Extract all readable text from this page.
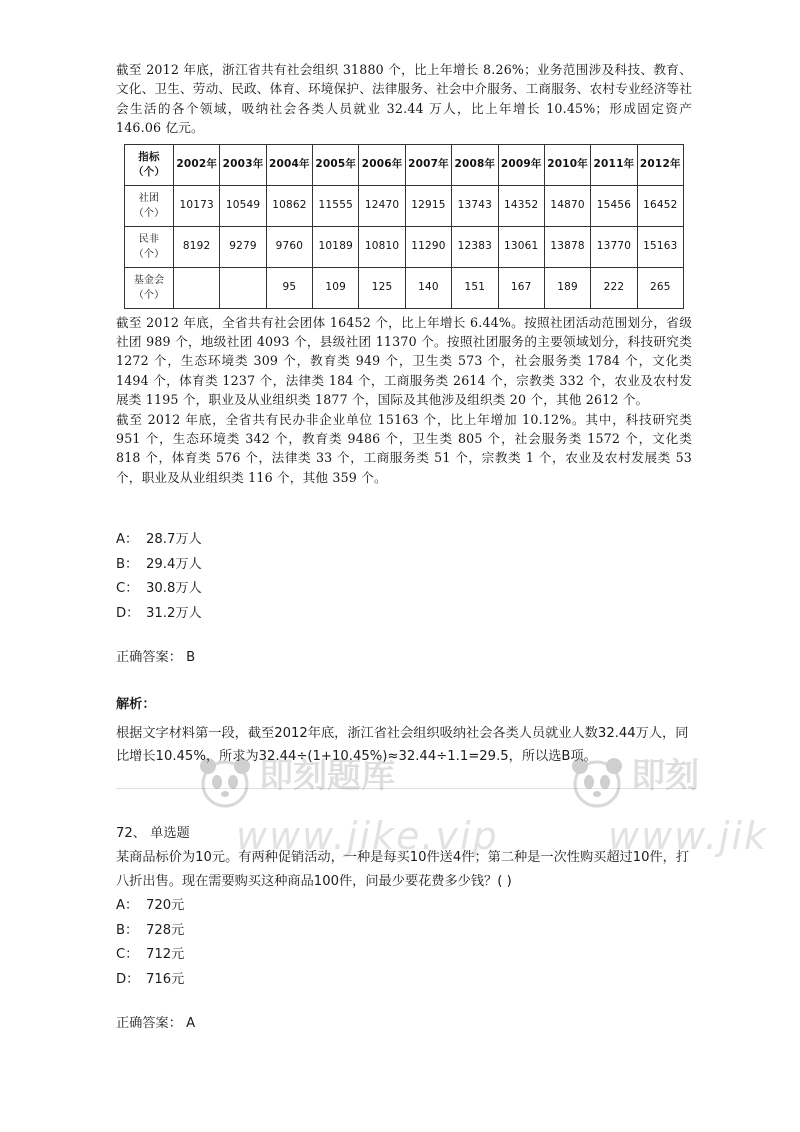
截至 2012 年底，浙江省共有社会组织 31880 个，比上年增长 8.26%；业务范围涉及科技、教育、文化、卫生、劳动、民政、体育、环境保护、法律服务、社会中介服务、工商服务、农村专业经济等社会生活的各个领域，吸纳社会各类人员就业 32.44 万人，比上年增长 10.45%；形成固定资产 146.06 亿元。

指标
（个）	2002年	2003年	2004年	2005年	2006年	2007年	2008年	2009年	2010年	2011年	2012年
社团
（个）	10173	10549	10862	11555	12470	12915	13743	14352	14870	15456	16452
民非
（个）	8192	9279	9760	10189	10810	11290	12383	13061	13878	13770	15163
基金会
（个）			95	109	125	140	151	167	189	222	265

截至 2012 年底，全省共有社会团体 16452 个，比上年增长 6.44%。按照社团活动范围划分，省级社团 989 个，地级社团 4093 个，县级社团 11370 个。按照社团服务的主要领域划分，科技研究类 1272 个，生态环境类 309 个，教育类 949 个，卫生类 573 个，社会服务类 1784 个，文化类 1494 个，体育类 1237 个，法律类 184 个，工商服务类 2614 个，宗教类 332 个，农业及农村发展类 1195 个，职业及从业组织类 1877 个，国际及其他涉及组织类 20 个，其他 2612 个。

截至 2012 年底，全省共有民办非企业单位 15163 个，比上年增加 10.12%。其中，科技研究类 951 个，生态环境类 342 个，教育类 9486 个，卫生类 805 个，社会服务类 1572 个，文化类 818 个，体育类 576 个，法律类 33 个，工商服务类 51 个，宗教类 1 个，农业及农村发展类 53 个，职业及从业组织类 116 个，其他 359 个。

A： 28.7万人
B： 29.4万人
C： 30.8万人
D： 31.2万人
正确答案： B
解析：

根据文字材料第一段，截至2012年底，浙江省社会组织吸纳社会各类人员就业人数32.44万人，同比增长10.45%，所求为32.44÷(1+10.45%)≈32.44÷1.1=29.5，所以选B项。

即刻题库
www.jike.vip
即刻
www.jik

72、 单选题

某商品标价为10元。有两种促销活动，一种是每买10件送4件；第二种是一次性购买超过10件，打八折出售。现在需要购买这种商品100件，问最少要花费多少钱？( )

A： 720元
B： 728元
C： 712元
D： 716元
正确答案： A
